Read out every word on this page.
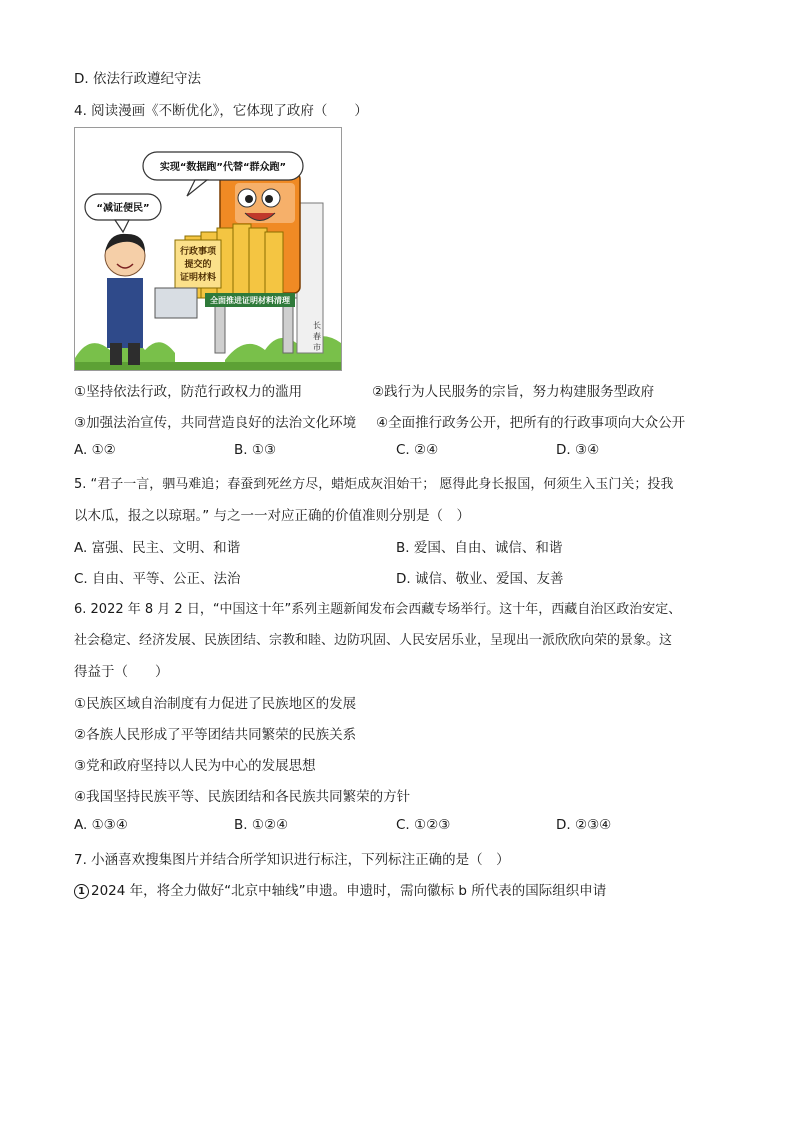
D. 依法行政遵纪守法
4. 阅读漫画《不断优化》，它体现了政府（　　）
实现“数据跑”代替“群众跑”
“减证便民”
行政事项
提交的
证明材料
全面推进证明材料清理
长
春
市
①坚持依法行政，防范行政权力的滥用	②践行为人民服务的宗旨，努力构建服务型政府
③加强法治宣传，共同营造良好的法治文化环境 ④全面推行政务公开，把所有的行政事项向大众公开
A. ①②	B. ①③	C. ②④	D. ③④
5. “君子一言，驷马难追；春蚕到死丝方尽，蜡炬成灰泪始干； 愿得此身长报国，何须生入玉门关；投我
以木瓜，报之以琼琚。” 与之一一对应正确的价值准则分别是（　）
A. 富强、民主、文明、和谐	B. 爱国、自由、诚信、和谐
C. 自由、平等、公正、法治	D. 诚信、敬业、爱国、友善
6. 2022 年 8 月 2 日，“中国这十年”系列主题新闻发布会西藏专场举行。这十年，西藏自治区政治安定、
社会稳定、经济发展、民族团结、宗教和睦、边防巩固、人民安居乐业，呈现出一派欣欣向荣的景象。这
得益于（　　）
①民族区域自治制度有力促进了民族地区的发展
②各族人民形成了平等团结共同繁荣的民族关系
③党和政府坚持以人民为中心的发展思想
④我国坚持民族平等、民族团结和各民族共同繁荣的方针
A. ①③④	B. ①②④	C. ①②③	D. ②③④
7. 小涵喜欢搜集图片并结合所学知识进行标注，下列标注正确的是（　）
1 2024 年，将全力做好“北京中轴线”申遗。申遗时，需向徽标 b 所代表的国际组织申请
